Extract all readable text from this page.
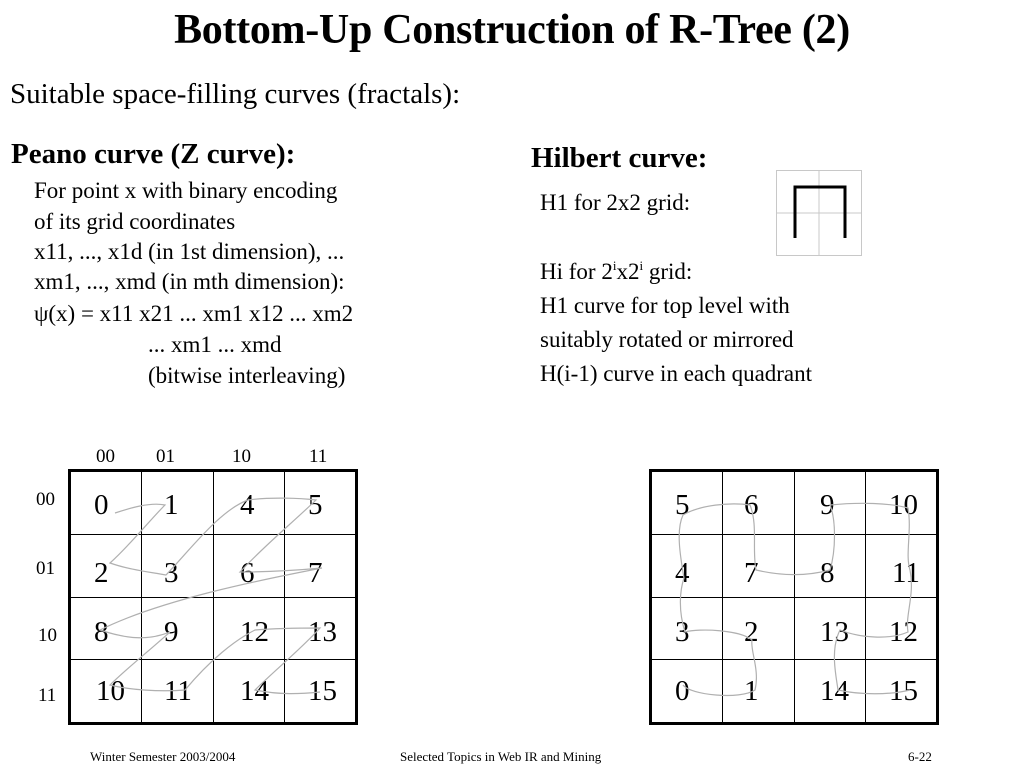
Bottom-Up Construction of R-Tree (2)
Suitable space-filling curves (fractals):
Peano curve (Z curve):
For point x with binary encoding
of its grid coordinates
x11, ..., x1d (in 1st dimension), ...
xm1, ..., xmd (in mth dimension):
ψ(x) = x11 x21 ... xm1 x12 ... xm2
... xm1 ... xmd
(bitwise interleaving)
Hilbert curve:
H1 for 2x2 grid:
Hi for 2$^i$x2$^i$ grid:
H1 curve for top level with
suitably rotated or mirrored
H(i-1) curve in each quadrant
00 01	10	11
00
01
10
11

0 1 4 5
2 3 6 7
8 9 12 13
10 11 14 15

5 6 9 10
4 7 8 11
3 2 13 12
0 1 14 15
Winter Semester 2003/2004	Selected Topics in Web IR and Mining	6-22
